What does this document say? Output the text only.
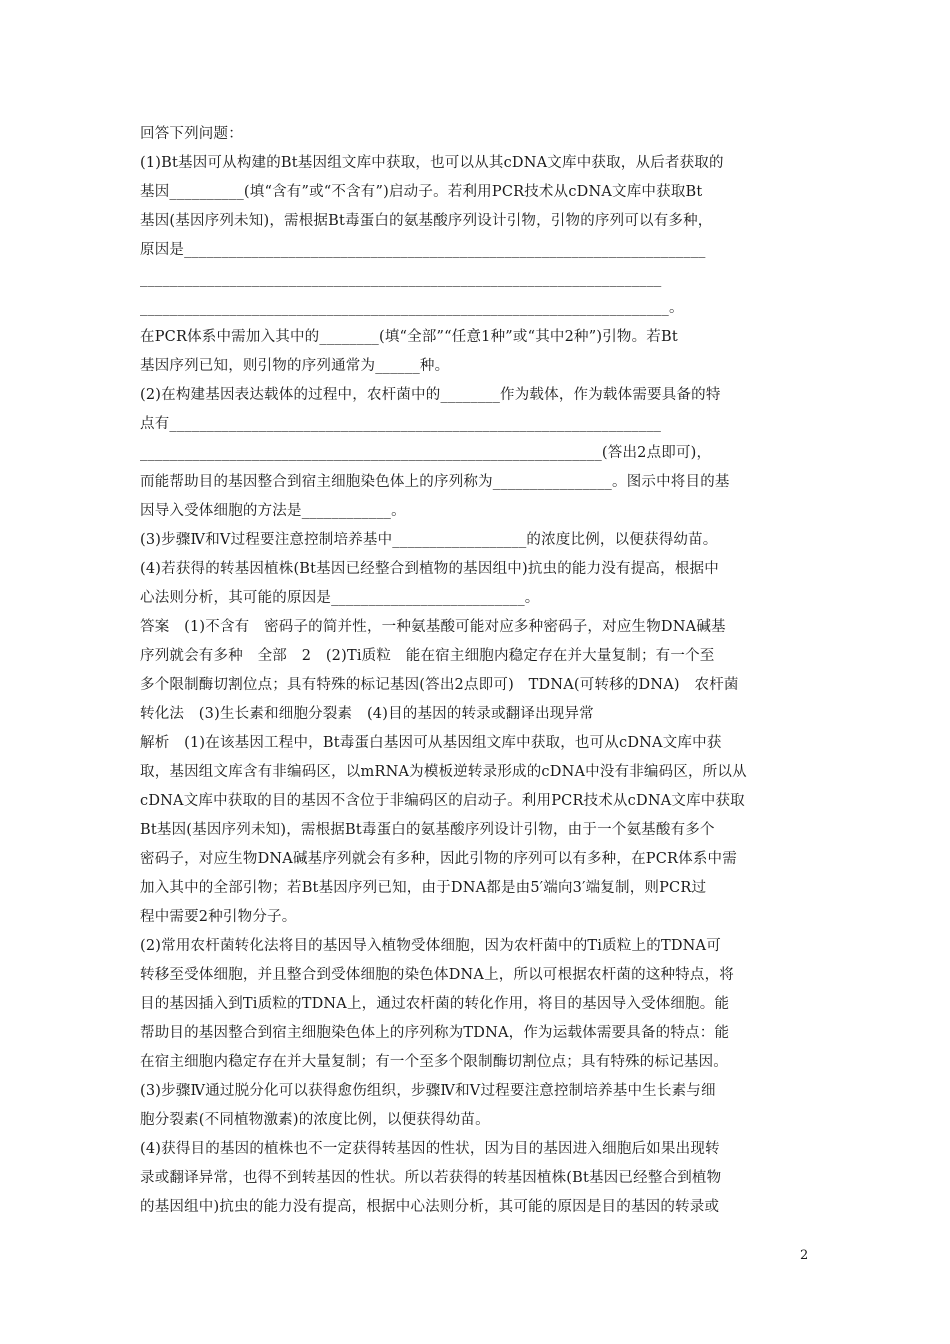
回答下列问题：
(1)Bt基因可从构建的Bt基因组文库中获取，也可以从其cDNA文库中获取，从后者获取的
基因__________(填“含有”或“不含有”)启动子。若利用PCR技术从cDNA文库中获取Bt
基因(基因序列未知)，需根据Bt毒蛋白的氨基酸序列设计引物，引物的序列可以有多种，
原因是______________________________________________________________________
______________________________________________________________________
_______________________________________________________________________。
在PCR体系中需加入其中的________(填“全部”“任意1种”或“其中2种”)引物。若Bt
基因序列已知，则引物的序列通常为______种。
(2)在构建基因表达载体的过程中，农杆菌中的________作为载体，作为载体需要具备的特
点有__________________________________________________________________
______________________________________________________________(答出2点即可)，
而能帮助目的基因整合到宿主细胞染色体上的序列称为________________。图示中将目的基
因导入受体细胞的方法是____________。
(3)步骤Ⅳ和Ⅴ过程要注意控制培养基中__________________的浓度比例，以便获得幼苗。
(4)若获得的转基因植株(Bt基因已经整合到植物的基因组中)抗虫的能力没有提高，根据中
心法则分析，其可能的原因是__________________________。
答案　(1)不含有　密码子的简并性，一种氨基酸可能对应多种密码子，对应生物DNA碱基
序列就会有多种　全部　2　(2)Ti质粒　能在宿主细胞内稳定存在并大量复制；有一个至
多个限制酶切割位点；具有特殊的标记基因(答出2点即可)　TDNA(可转移的DNA)　农杆菌
转化法　(3)生长素和细胞分裂素　(4)目的基因的转录或翻译出现异常
解析　(1)在该基因工程中，Bt毒蛋白基因可从基因组文库中获取，也可从cDNA文库中获
取，基因组文库含有非编码区，以mRNA为模板逆转录形成的cDNA中没有非编码区，所以从
cDNA文库中获取的目的基因不含位于非编码区的启动子。利用PCR技术从cDNA文库中获取
Bt基因(基因序列未知)，需根据Bt毒蛋白的氨基酸序列设计引物，由于一个氨基酸有多个
密码子，对应生物DNA碱基序列就会有多种，因此引物的序列可以有多种，在PCR体系中需
加入其中的全部引物；若Bt基因序列已知，由于DNA都是由5′端向3′端复制，则PCR过
程中需要2种引物分子。
(2)常用农杆菌转化法将目的基因导入植物受体细胞，因为农杆菌中的Ti质粒上的TDNA可
转移至受体细胞，并且整合到受体细胞的染色体DNA上，所以可根据农杆菌的这种特点，将
目的基因插入到Ti质粒的TDNA上，通过农杆菌的转化作用，将目的基因导入受体细胞。能
帮助目的基因整合到宿主细胞染色体上的序列称为TDNA，作为运载体需要具备的特点：能
在宿主细胞内稳定存在并大量复制；有一个至多个限制酶切割位点；具有特殊的标记基因。
(3)步骤Ⅳ通过脱分化可以获得愈伤组织，步骤Ⅳ和Ⅴ过程要注意控制培养基中生长素与细
胞分裂素(不同植物激素)的浓度比例，以便获得幼苗。
(4)获得目的基因的植株也不一定获得转基因的性状，因为目的基因进入细胞后如果出现转
录或翻译异常，也得不到转基因的性状。所以若获得的转基因植株(Bt基因已经整合到植物
的基因组中)抗虫的能力没有提高，根据中心法则分析，其可能的原因是目的基因的转录或
2
